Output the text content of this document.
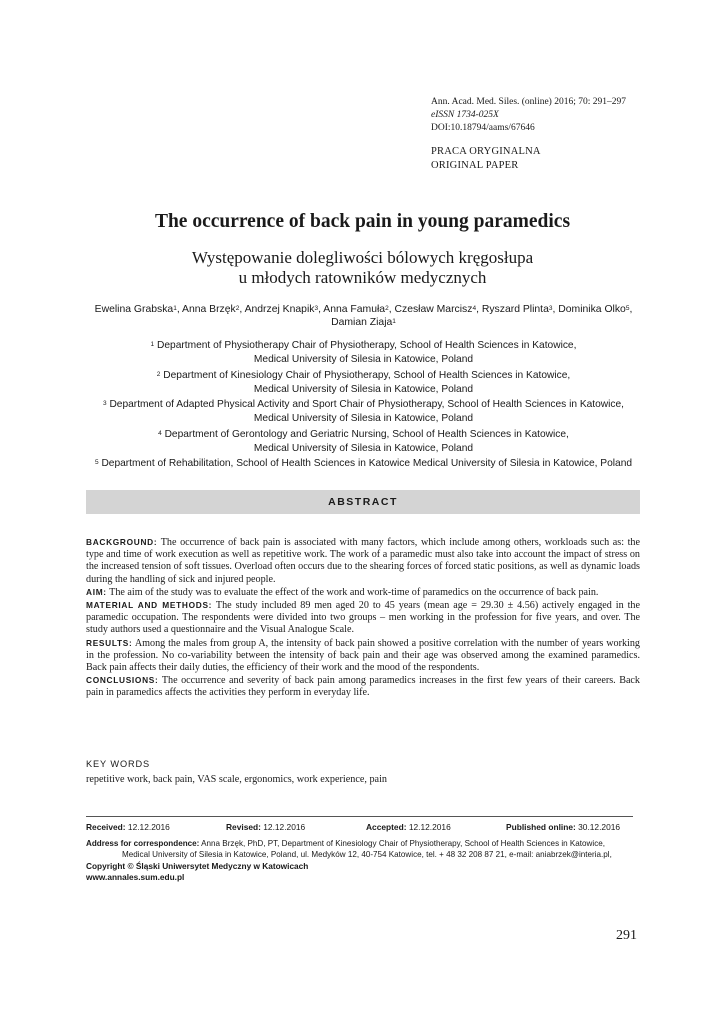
Ann. Acad. Med. Siles. (online) 2016; 70: 291–297
eISSN 1734-025X
DOI:10.18794/aams/67646
PRACA ORYGINALNA
ORIGINAL PAPER
The occurrence of back pain in young paramedics
Występowanie dolegliwości bólowych kręgosłupa
u młodych ratowników medycznych
Ewelina Grabska$^1$, Anna Brzęk$^2$, Andrzej Knapik$^3$, Anna Famuła$^2$, Czesław Marcisz$^4$, Ryszard Plinta$^3$, Dominika Olko$^5$,
Damian Ziaja$^1$
$^1$ Department of Physiotherapy Chair of Physiotherapy, School of Health Sciences in Katowice,
Medical University of Silesia in Katowice, Poland
$^2$ Department of Kinesiology Chair of Physiotherapy, School of Health Sciences in Katowice,
Medical University of Silesia in Katowice, Poland
$^3$ Department of Adapted Physical Activity and Sport Chair of Physiotherapy, School of Health Sciences in Katowice,
Medical University of Silesia in Katowice, Poland
$^4$ Department of Gerontology and Geriatric Nursing, School of Health Sciences in Katowice,
Medical University of Silesia in Katowice, Poland
$^5$ Department of Rehabilitation, School of Health Sciences in Katowice Medical University of Silesia in Katowice, Poland
ABSTRACT

BACKGROUND: The occurrence of back pain is associated with many factors, which include among others, workloads such as: the type and time of work execution as well as repetitive work. The work of a paramedic must also take into account the impact of stress on the increased tension of soft tissues. Overload often occurs due to the shearing forces of forced static positions, as well as dynamic loads during the handling of sick and injured people.

AIM: The aim of the study was to evaluate the effect of the work and work-time of paramedics on the occurrence of back pain.

MATERIAL AND METHODS: The study included 89 men aged 20 to 45 years (mean age = 29.30 ± 4.56) actively engaged in the paramedic occupation. The respondents were divided into two groups – men working in the profession for five years, and over. The study authors used a questionnaire and the Visual Analogue Scale.

RESULTS: Among the males from group A, the intensity of back pain showed a positive correlation with the number of years working in the profession. No co-variability between the intensity of back pain and their age was observed among the examined paramedics. Back pain affects their daily duties, the efficiency of their work and the mood of the respondents.

CONCLUSIONS: The occurrence and severity of back pain among paramedics increases in the first few years of their careers. Back pain in paramedics affects the activities they perform in everyday life.

KEY WORDS
repetitive work, back pain, VAS scale, ergonomics, work experience, pain
Received: 12.12.2016	Revised: 12.12.2016	Accepted: 12.12.2016	Published online: 30.12.2016
Address for correspondence: Anna Brzęk, PhD, PT, Department of Kinesiology Chair of Physiotherapy, School of Health Sciences in Katowice,
Medical University of Silesia in Katowice, Poland, ul. Medyków 12, 40-754 Katowice, tel. + 48 32 208 87 21, e-mail: aniabrzek@interia.pl,
Copyright © Śląski Uniwersytet Medyczny w Katowicach
www.annales.sum.edu.pl
291
